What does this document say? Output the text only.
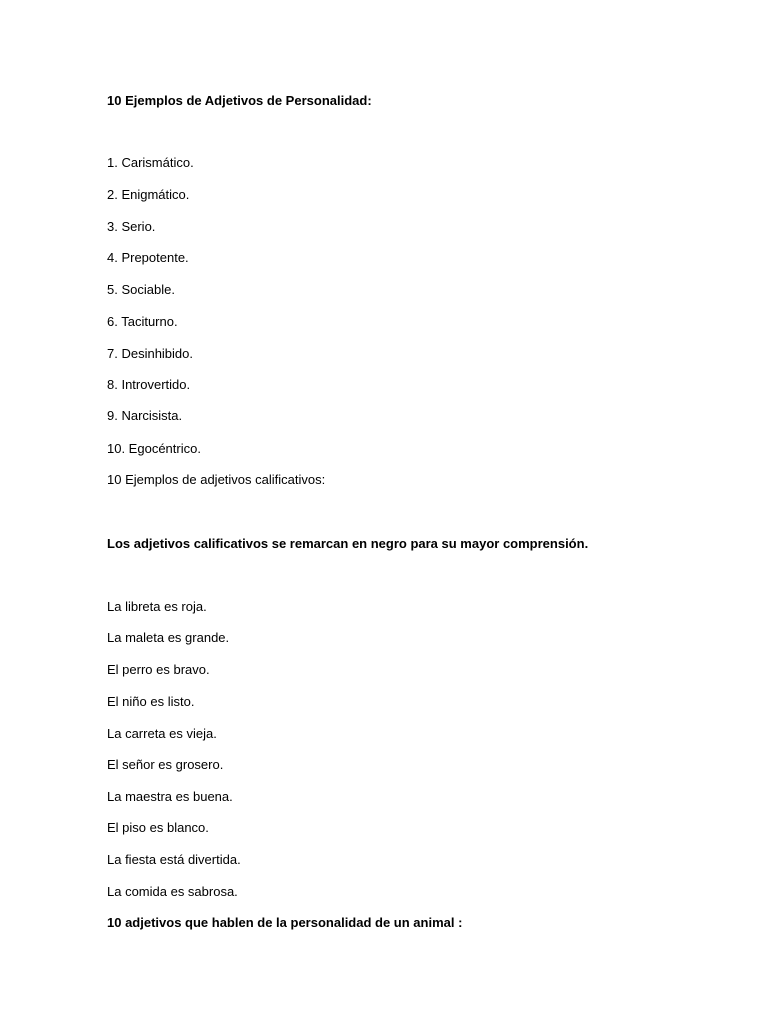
10 Ejemplos de Adjetivos de Personalidad:

1. Carismático.

2. Enigmático.

3. Serio.

4. Prepotente.

5. Sociable.

6. Taciturno.

7. Desinhibido.

8. Introvertido.

9. Narcisista.

10. Egocéntrico.

10 Ejemplos de adjetivos calificativos:

Los adjetivos calificativos se remarcan en negro para su mayor comprensión.

La libreta es roja.

La maleta es grande.

El perro es bravo.

El niño es listo.

La carreta es vieja.

El señor es grosero.

La maestra es buena.

El piso es blanco.

La fiesta está divertida.

La comida es sabrosa.

10 adjetivos que hablen de la personalidad de un animal :
